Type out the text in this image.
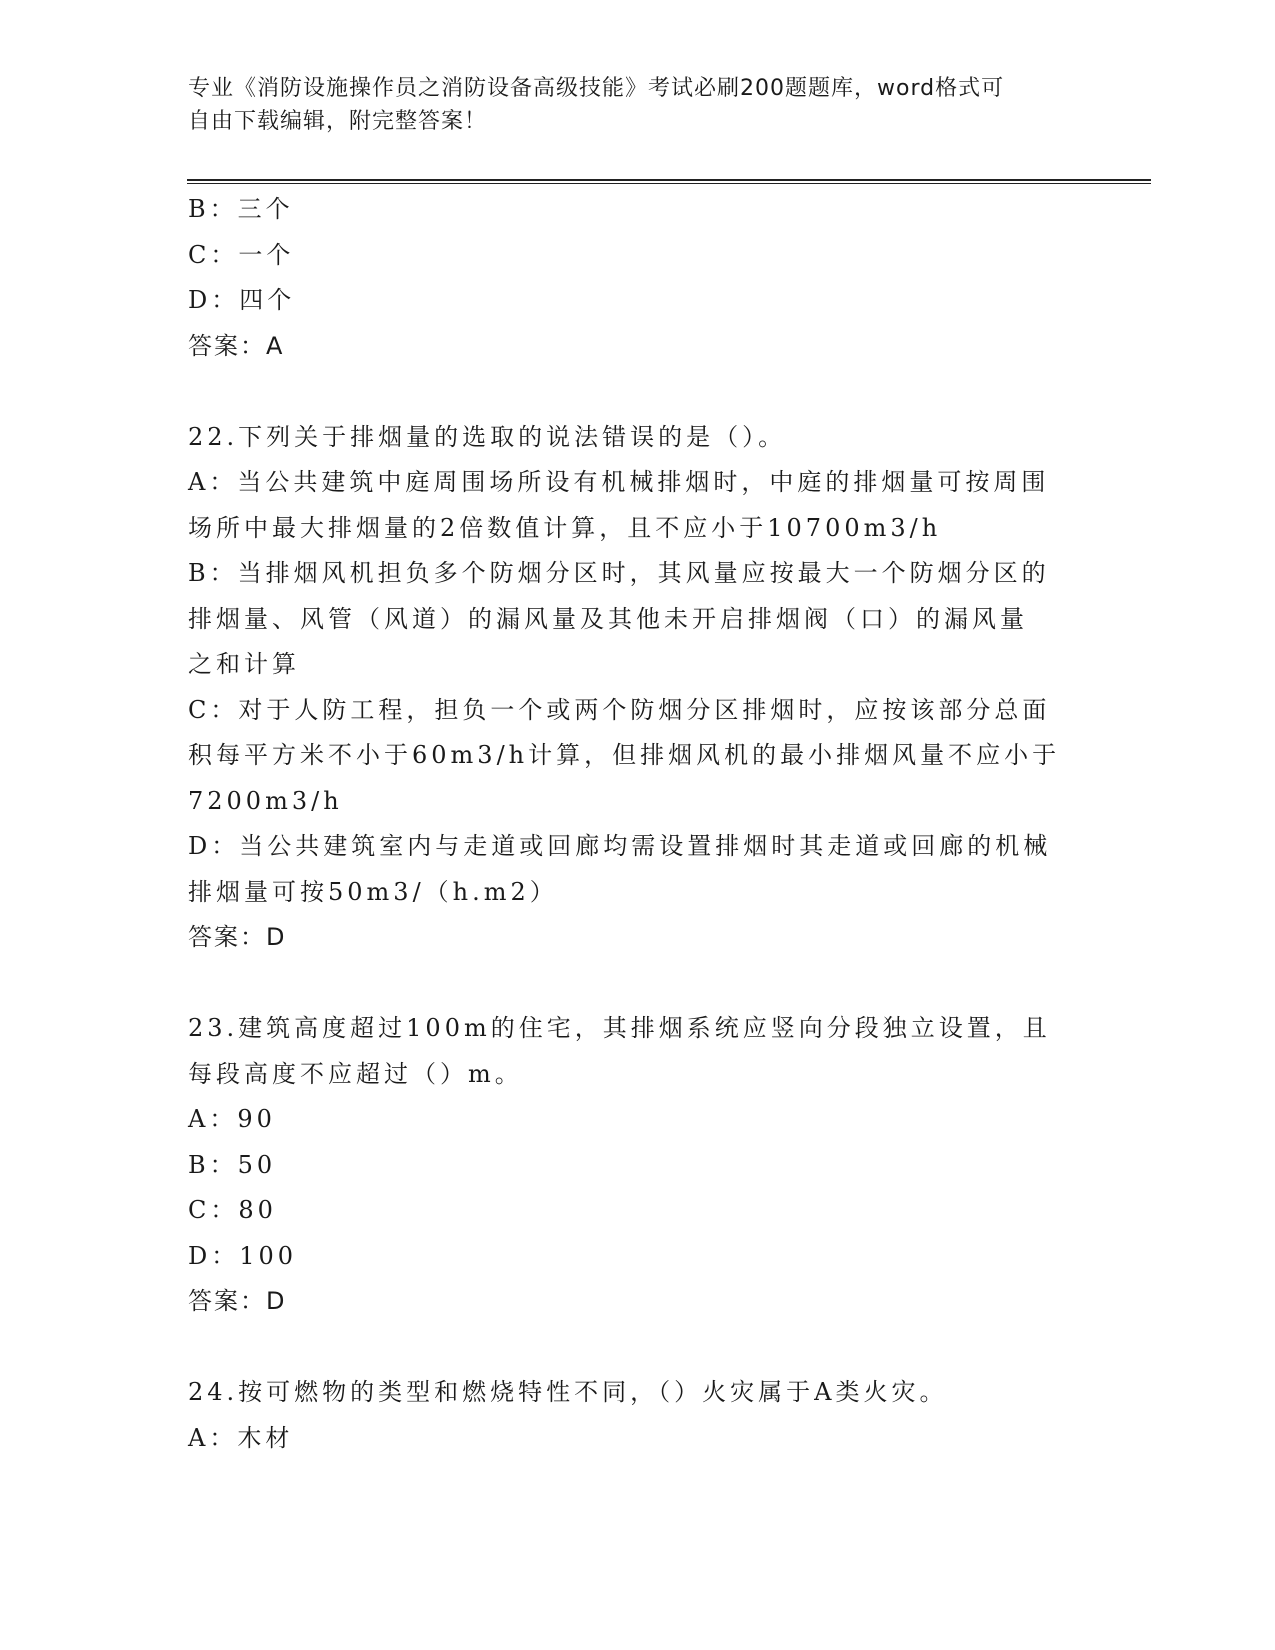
专业《消防设施操作员之消防设备高级技能》考试必刷200题题库，word格式可
自由下载编辑，附完整答案！

B：三个

C：一个

D：四个

答案：A

22.下列关于排烟量的选取的说法错误的是（）。

A：当公共建筑中庭周围场所设有机械排烟时，中庭的排烟量可按周围

场所中最大排烟量的2倍数值计算，且不应小于10700m3/h

B：当排烟风机担负多个防烟分区时，其风量应按最大一个防烟分区的

排烟量、风管（风道）的漏风量及其他未开启排烟阀（口）的漏风量

之和计算

C：对于人防工程，担负一个或两个防烟分区排烟时，应按该部分总面

积每平方米不小于60m3/h计算，但排烟风机的最小排烟风量不应小于

7200m3/h

D：当公共建筑室内与走道或回廊均需设置排烟时其走道或回廊的机械

排烟量可按50m3/（h.m2）

答案：D

23.建筑高度超过100m的住宅，其排烟系统应竖向分段独立设置，且

每段高度不应超过（）m。

A：90

B：50

C：80

D：100

答案：D

24.按可燃物的类型和燃烧特性不同，（）火灾属于A类火灾。

A：木材
